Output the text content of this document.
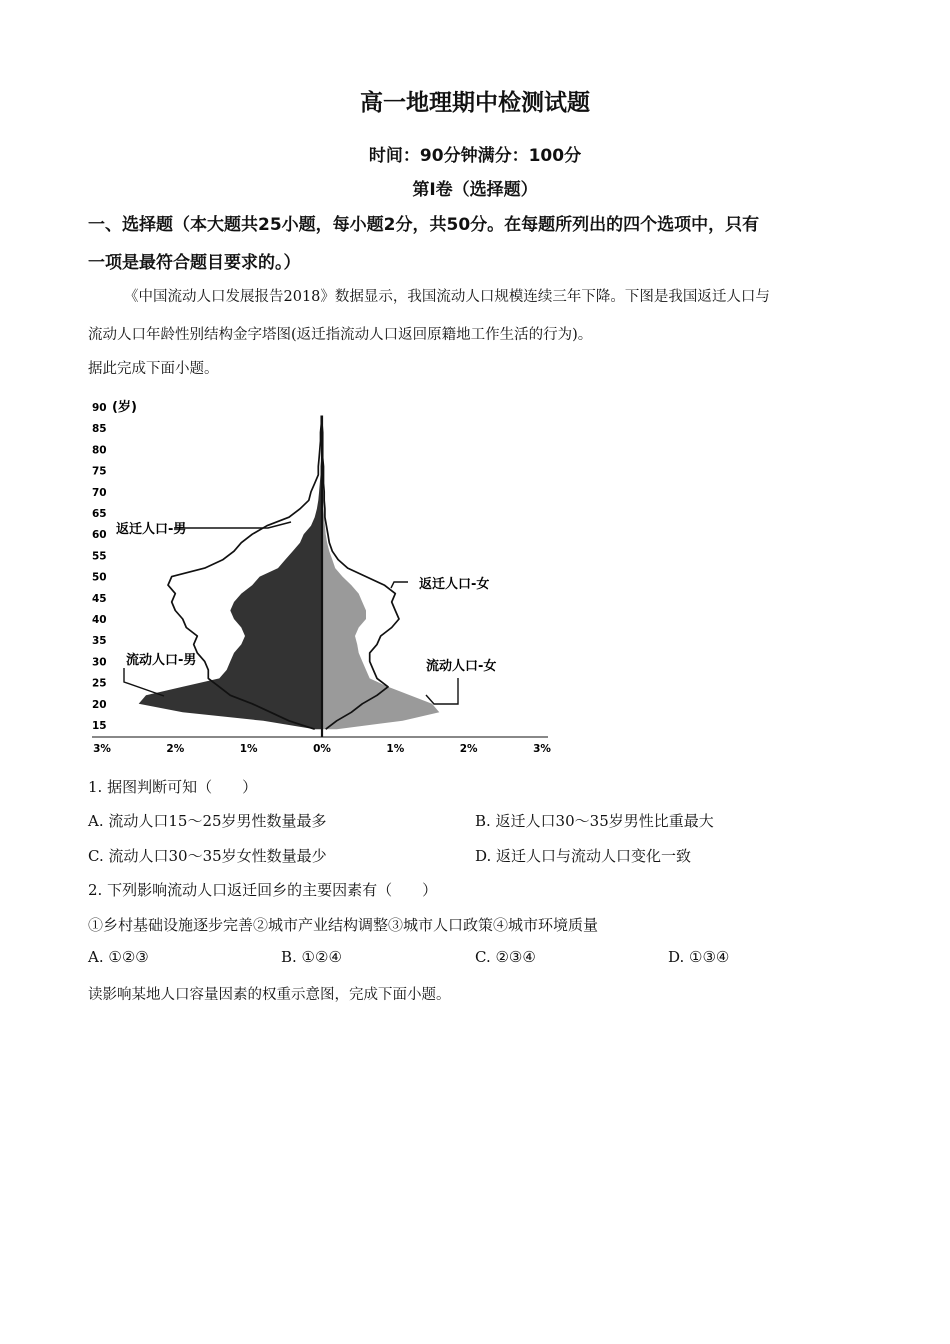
高一地理期中检测试题
时间：90分钟满分：100分
第Ⅰ卷（选择题）
一、选择题（本大题共25小题，每小题2分，共50分。在每题所列出的四个选项中，只有
一项是最符合题目要求的。）
《中国流动人口发展报告2018》数据显示，我国流动人口规模连续三年下降。下图是我国返迁人口与
流动人口年龄性别结构金字塔图(返迁指流动人口返回原籍地工作生活的行为)。
据此完成下面小题。
90
85
80
75
70
65
60
55
50
45
40
35
30
25
20
15
3%	2%	1%	0%	1%	2%	3%
(岁)
返迁人口-男
返迁人口-女
流动人口-男	流动人口-女
1. 据图判断可知（　　）
A. 流动人口15～25岁男性数量最多	B. 返迁人口30～35岁男性比重最大
C. 流动人口30～35岁女性数量最少	D. 返迁人口与流动人口变化一致
2. 下列影响流动人口返迁回乡的主要因素有（　　）
①乡村基础设施逐步完善②城市产业结构调整③城市人口政策④城市环境质量
A. ①②③	B. ①②④	C. ②③④	D. ①③④
读影响某地人口容量因素的权重示意图，完成下面小题。
